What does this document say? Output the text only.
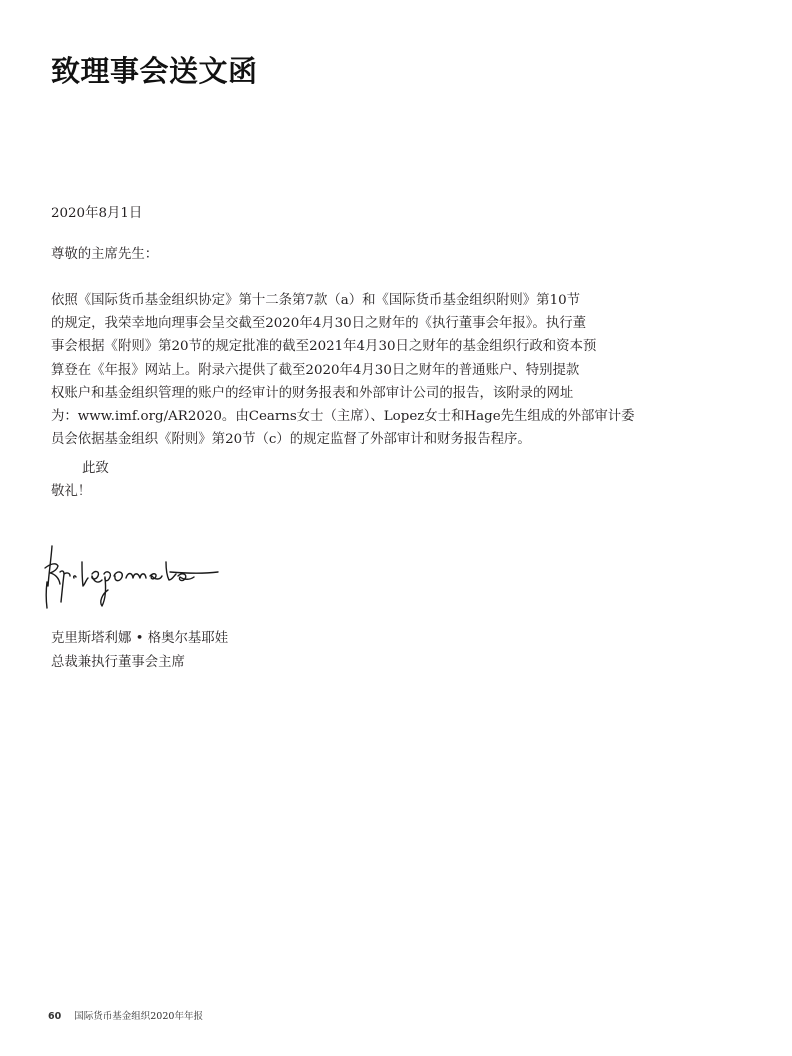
致理事会送文函
2020年8月1日
尊敬的主席先生：

依照《国际货币基金组织协定》第十二条第7款（a）和《国际货币基金组织附则》第10节
的规定，我荣幸地向理事会呈交截至2020年4月30日之财年的《执行董事会年报》。执行董
事会根据《附则》第20节的规定批准的截至2021年4月30日之财年的基金组织行政和资本预
算登在《年报》网站上。附录六提供了截至2020年4月30日之财年的普通账户、特别提款
权账户和基金组织管理的账户的经审计的财务报表和外部审计公司的报告，该附录的网址
为：www.imf.org/AR2020。由Cearns女士（主席）、Lopez女士和Hage先生组成的外部审计委
员会依据基金组织《附则》第20节（c）的规定监督了外部审计和财务报告程序。

此致
敬礼！
克里斯塔利娜 • 格奥尔基耶娃
总裁兼执行董事会主席
60 国际货币基金组织2020年年报
